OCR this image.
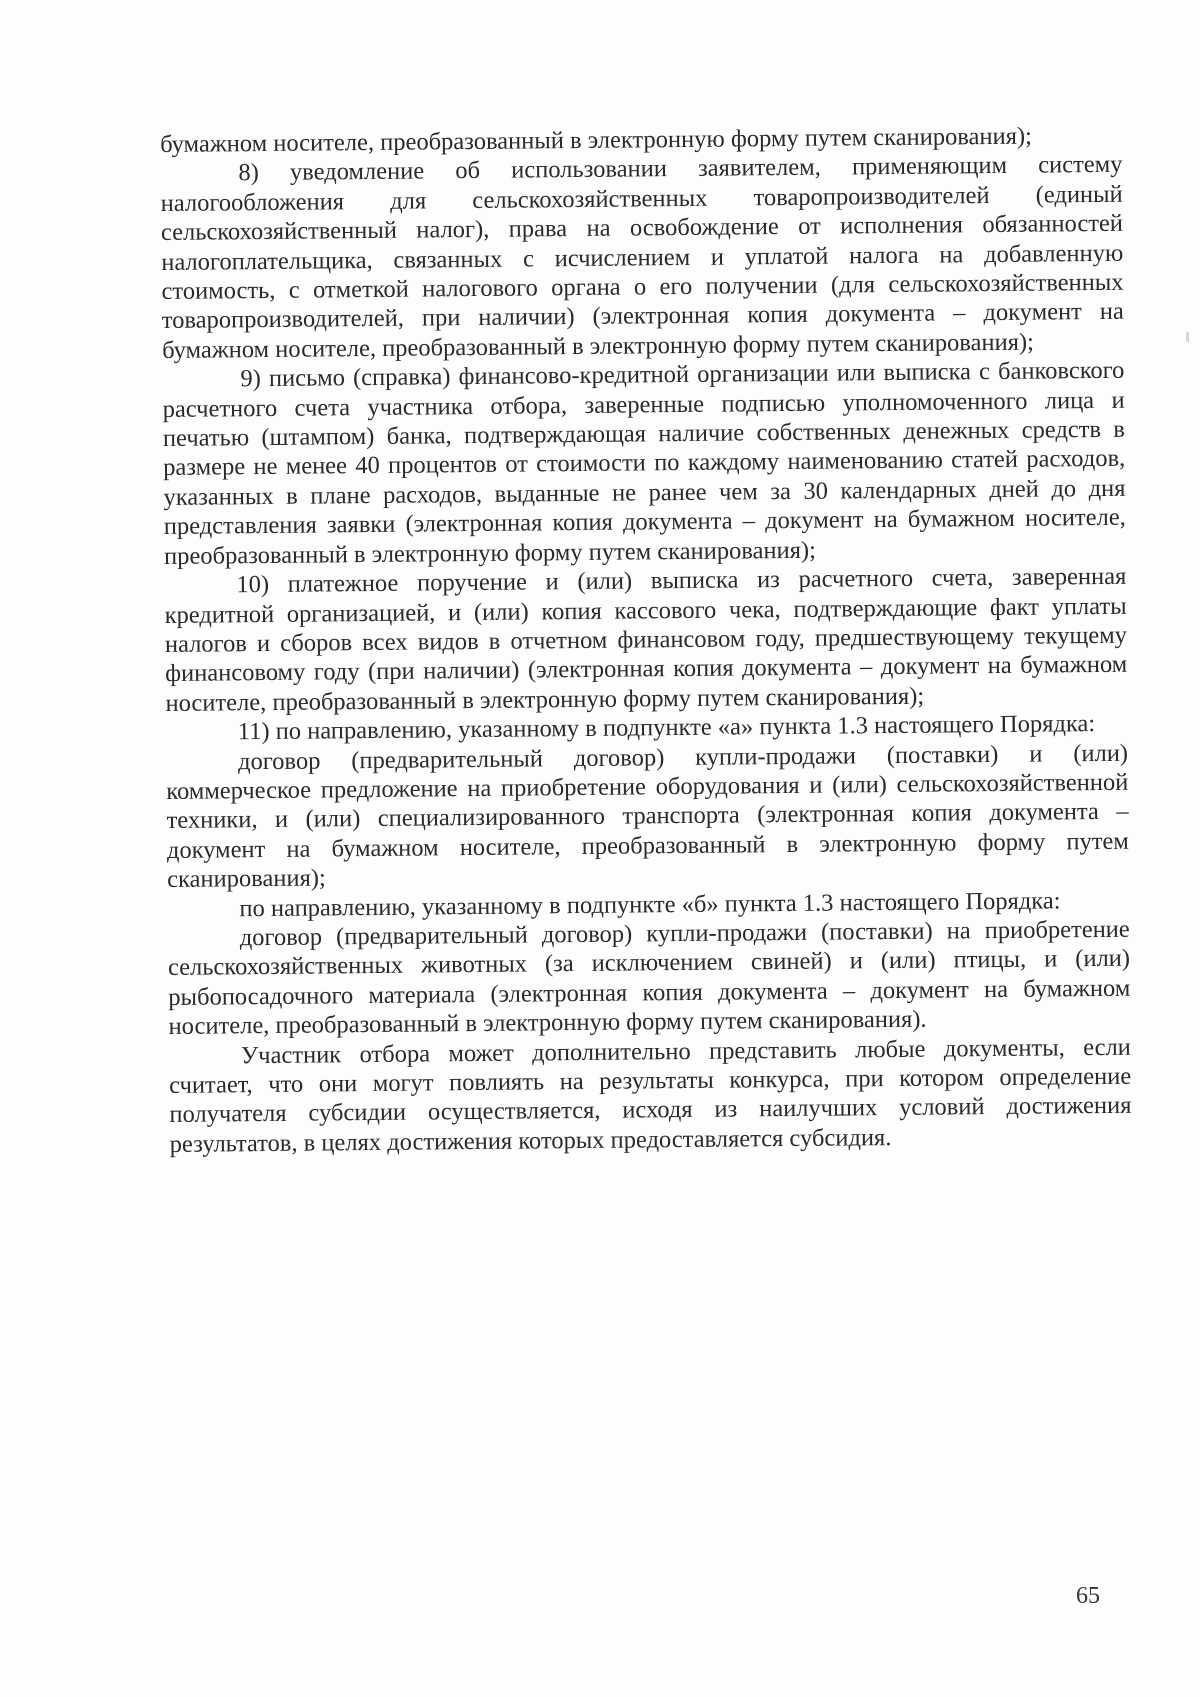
бумажном носителе, преобразованный в электронную форму путем сканирования);

8) уведомление об использовании заявителем, применяющим систему налогообложения для сельскохозяйственных товаропроизводителей (единый сельскохозяйственный налог), права на освобождение от исполнения обязанностей налогоплательщика, связанных с исчислением и уплатой налога на добавленную стоимость, с отметкой налогового органа о его получении (для сельскохозяйственных товаропроизводителей, при наличии) (электронная копия документа – документ на бумажном носителе, преобразованный в электронную форму путем сканирования);

9) письмо (справка) финансово-кредитной организации или выписка с банковского расчетного счета участника отбора, заверенные подписью уполномоченного лица и печатью (штампом) банка, подтверждающая наличие собственных денежных средств в размере не менее 40 процентов от стоимости по каждому наименованию статей расходов, указанных в плане расходов, выданные не ранее чем за 30 календарных дней до дня представления заявки (электронная копия документа – документ на бумажном носителе, преобразованный в электронную форму путем сканирования);

10) платежное поручение и (или) выписка из расчетного счета, заверенная кредитной организацией, и (или) копия кассового чека, подтверждающие факт уплаты налогов и сборов всех видов в отчетном финансовом году, предшествующему текущему финансовому году (при наличии) (электронная копия документа – документ на бумажном носителе, преобразованный в электронную форму путем сканирования);

11) по направлению, указанному в подпункте «а» пункта 1.3 настоящего Порядка:

договор (предварительный договор) купли-продажи (поставки) и (или) коммерческое предложение на приобретение оборудования и (или) сельскохозяйственной техники, и (или) специализированного транспорта (электронная копия документа – документ на бумажном носителе, преобразованный в электронную форму путем сканирования);

по направлению, указанному в подпункте «б» пункта 1.3 настоящего Порядка:

договор (предварительный договор) купли-продажи (поставки) на приобретение сельскохозяйственных животных (за исключением свиней) и (или) птицы, и (или) рыбопосадочного материала (электронная копия документа – документ на бумажном носителе, преобразованный в электронную форму путем сканирования).

Участник отбора может дополнительно представить любые документы, если считает, что они могут повлиять на результаты конкурса, при котором определение получателя субсидии осуществляется, исходя из наилучших условий достижения результатов, в целях достижения которых предоставляется субсидия.

65
